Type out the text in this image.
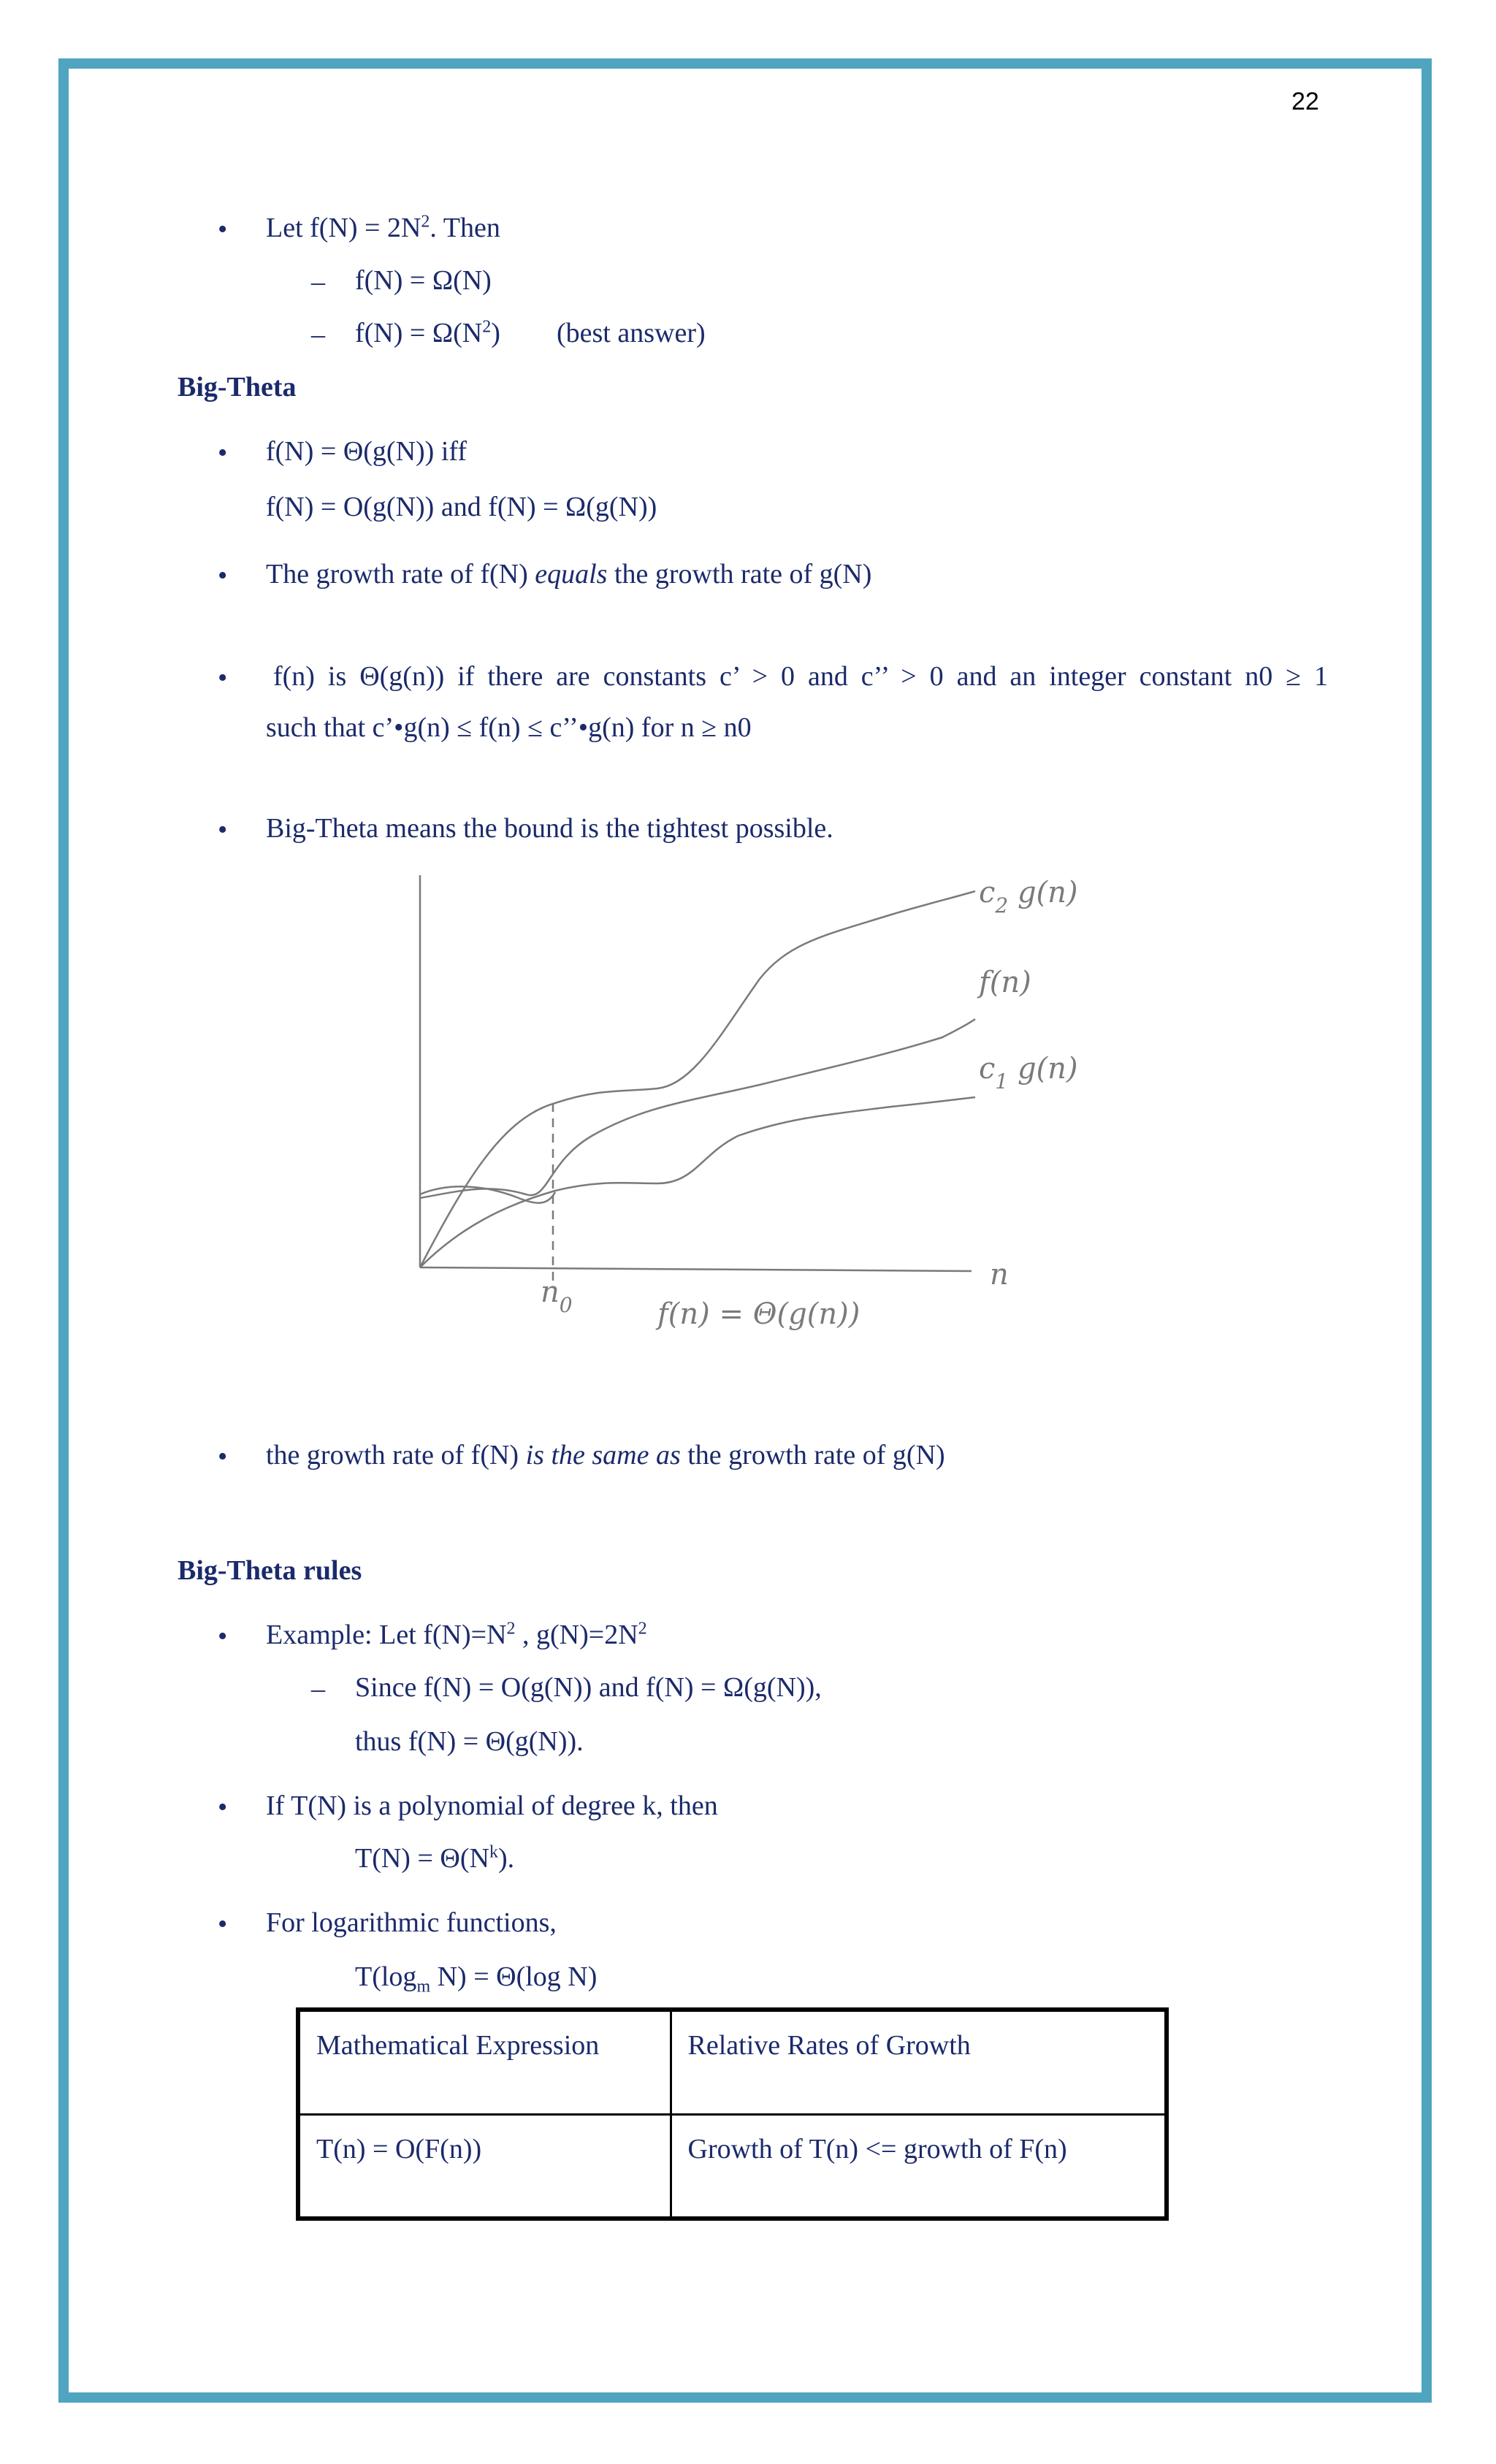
22
• Let $f(N) = 2N^2$. Then
– f(N) = Ω(N)
– $f(N) = \Omega(N^2)$ (best answer)
Big-Theta
• f(N) = Θ(g(N)) iff
f(N) = O(g(N)) and f(N) = Ω(g(N))
• The growth rate of f(N) equals the growth rate of g(N)
• f(n) is Θ(g(n)) if there are constants c’ > 0 and c’’ > 0 and an integer constant n0 ≥ 1
such that c’•g(n) ≤ f(n) ≤ c’’•g(n) for n ≥ n0
• Big-Theta means the bound is the tightest possible.
$c_2$ g(n)
f(n)
$c_1$ g(n)
n
$n_0$	f(n) = Θ(g(n))
• the growth rate of f(N) is the same as the growth rate of g(N)
Big-Theta rules
• Example: Let $f(N)=N^2$ , $g(N)=2N^2$
– Since f(N) = O(g(N)) and f(N) = Ω(g(N)),
thus f(N) = Θ(g(N)).
• If T(N) is a polynomial of degree k, then
$T(N) = \Theta(N^k)$.
• For logarithmic functions,
$T(\log_m$ N) = Θ(log N)
Mathematical Expression	Relative Rates of Growth
T(n) = O(F(n))	Growth of T(n) <= growth of F(n)
